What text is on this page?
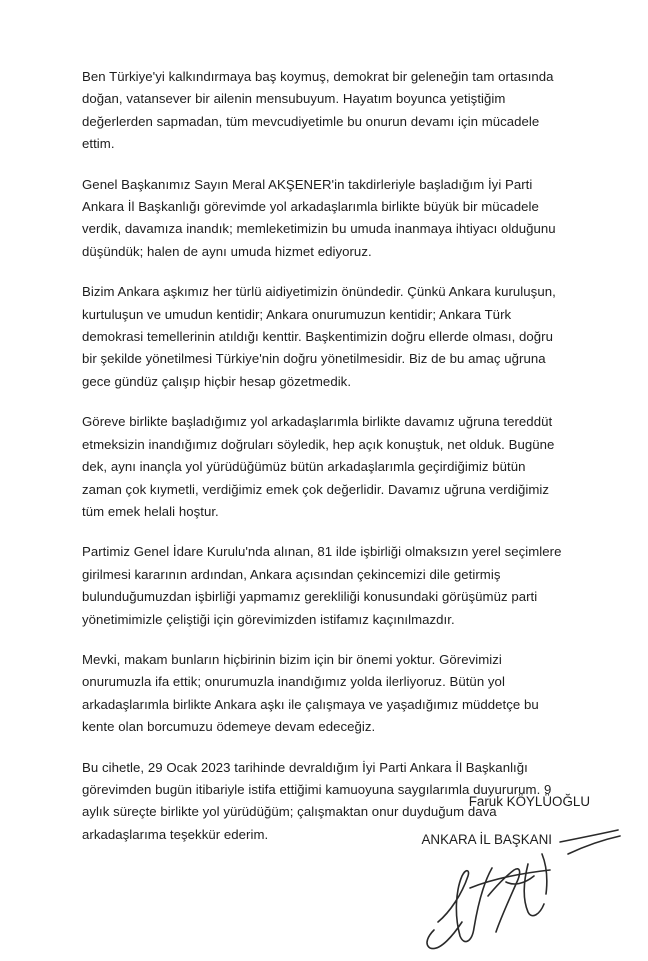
Ben Türkiye'yi kalkındırmaya baş koymuş, demokrat bir geleneğin tam ortasında
doğan, vatansever bir ailenin mensubuyum. Hayatım boyunca yetiştiğim
değerlerden sapmadan, tüm mevcudiyetimle bu onurun devamı için mücadele
ettim.

Genel Başkanımız Sayın Meral AKŞENER'in takdirleriyle başladığım İyi Parti
Ankara İl Başkanlığı görevimde yol arkadaşlarımla birlikte büyük bir mücadele
verdik, davamıza inandık; memleketimizin bu umuda inanmaya ihtiyacı olduğunu
düşündük; halen de aynı umuda hizmet ediyoruz.

Bizim Ankara aşkımız her türlü aidiyetimizin önündedir. Çünkü Ankara kuruluşun,
kurtuluşun ve umudun kentidir; Ankara onurumuzun kentidir; Ankara Türk
demokrasi temellerinin atıldığı kenttir. Başkentimizin doğru ellerde olması, doğru
bir şekilde yönetilmesi Türkiye'nin doğru yönetilmesidir. Biz de bu amaç uğruna
gece gündüz çalışıp hiçbir hesap gözetmedik.

Göreve birlikte başladığımız yol arkadaşlarımla birlikte davamız uğruna tereddüt
etmeksizin inandığımız doğruları söyledik, hep açık konuştuk, net olduk. Bugüne
dek, aynı inançla yol yürüdüğümüz bütün arkadaşlarımla geçirdiğimiz bütün
zaman çok kıymetli, verdiğimiz emek çok değerlidir. Davamız uğruna verdiğimiz
tüm emek helali hoştur.

Partimiz Genel İdare Kurulu'nda alınan, 81 ilde işbirliği olmaksızın yerel seçimlere
girilmesi kararının ardından, Ankara açısından çekincemizi dile getirmiş
bulunduğumuzdan işbirliği yapmamız gerekliliği konusundaki görüşümüz parti
yönetimimizle çeliştiği için görevimizden istifamız kaçınılmazdır.

Mevki, makam bunların hiçbirinin bizim için bir önemi yoktur. Görevimizi
onurumuzla ifa ettik; onurumuzla inandığımız yolda ilerliyoruz. Bütün yol
arkadaşlarımla birlikte Ankara aşkı ile çalışmaya ve yaşadığımız müddetçe bu
kente olan borcumuzu ödemeye devam edeceğiz.

Bu cihetle, 29 Ocak 2023 tarihinde devraldığım İyi Parti Ankara İl Başkanlığı
görevimden bugün itibariyle istifa ettiğimi kamuoyuna saygılarımla duyururum. 9
aylık süreçte birlikte yol yürüdüğüm; çalışmaktan onur duyduğum dava
arkadaşlarıma teşekkür ederim.

Faruk KÖYLÜOĞLU
ANKARA İL BAŞKANI
